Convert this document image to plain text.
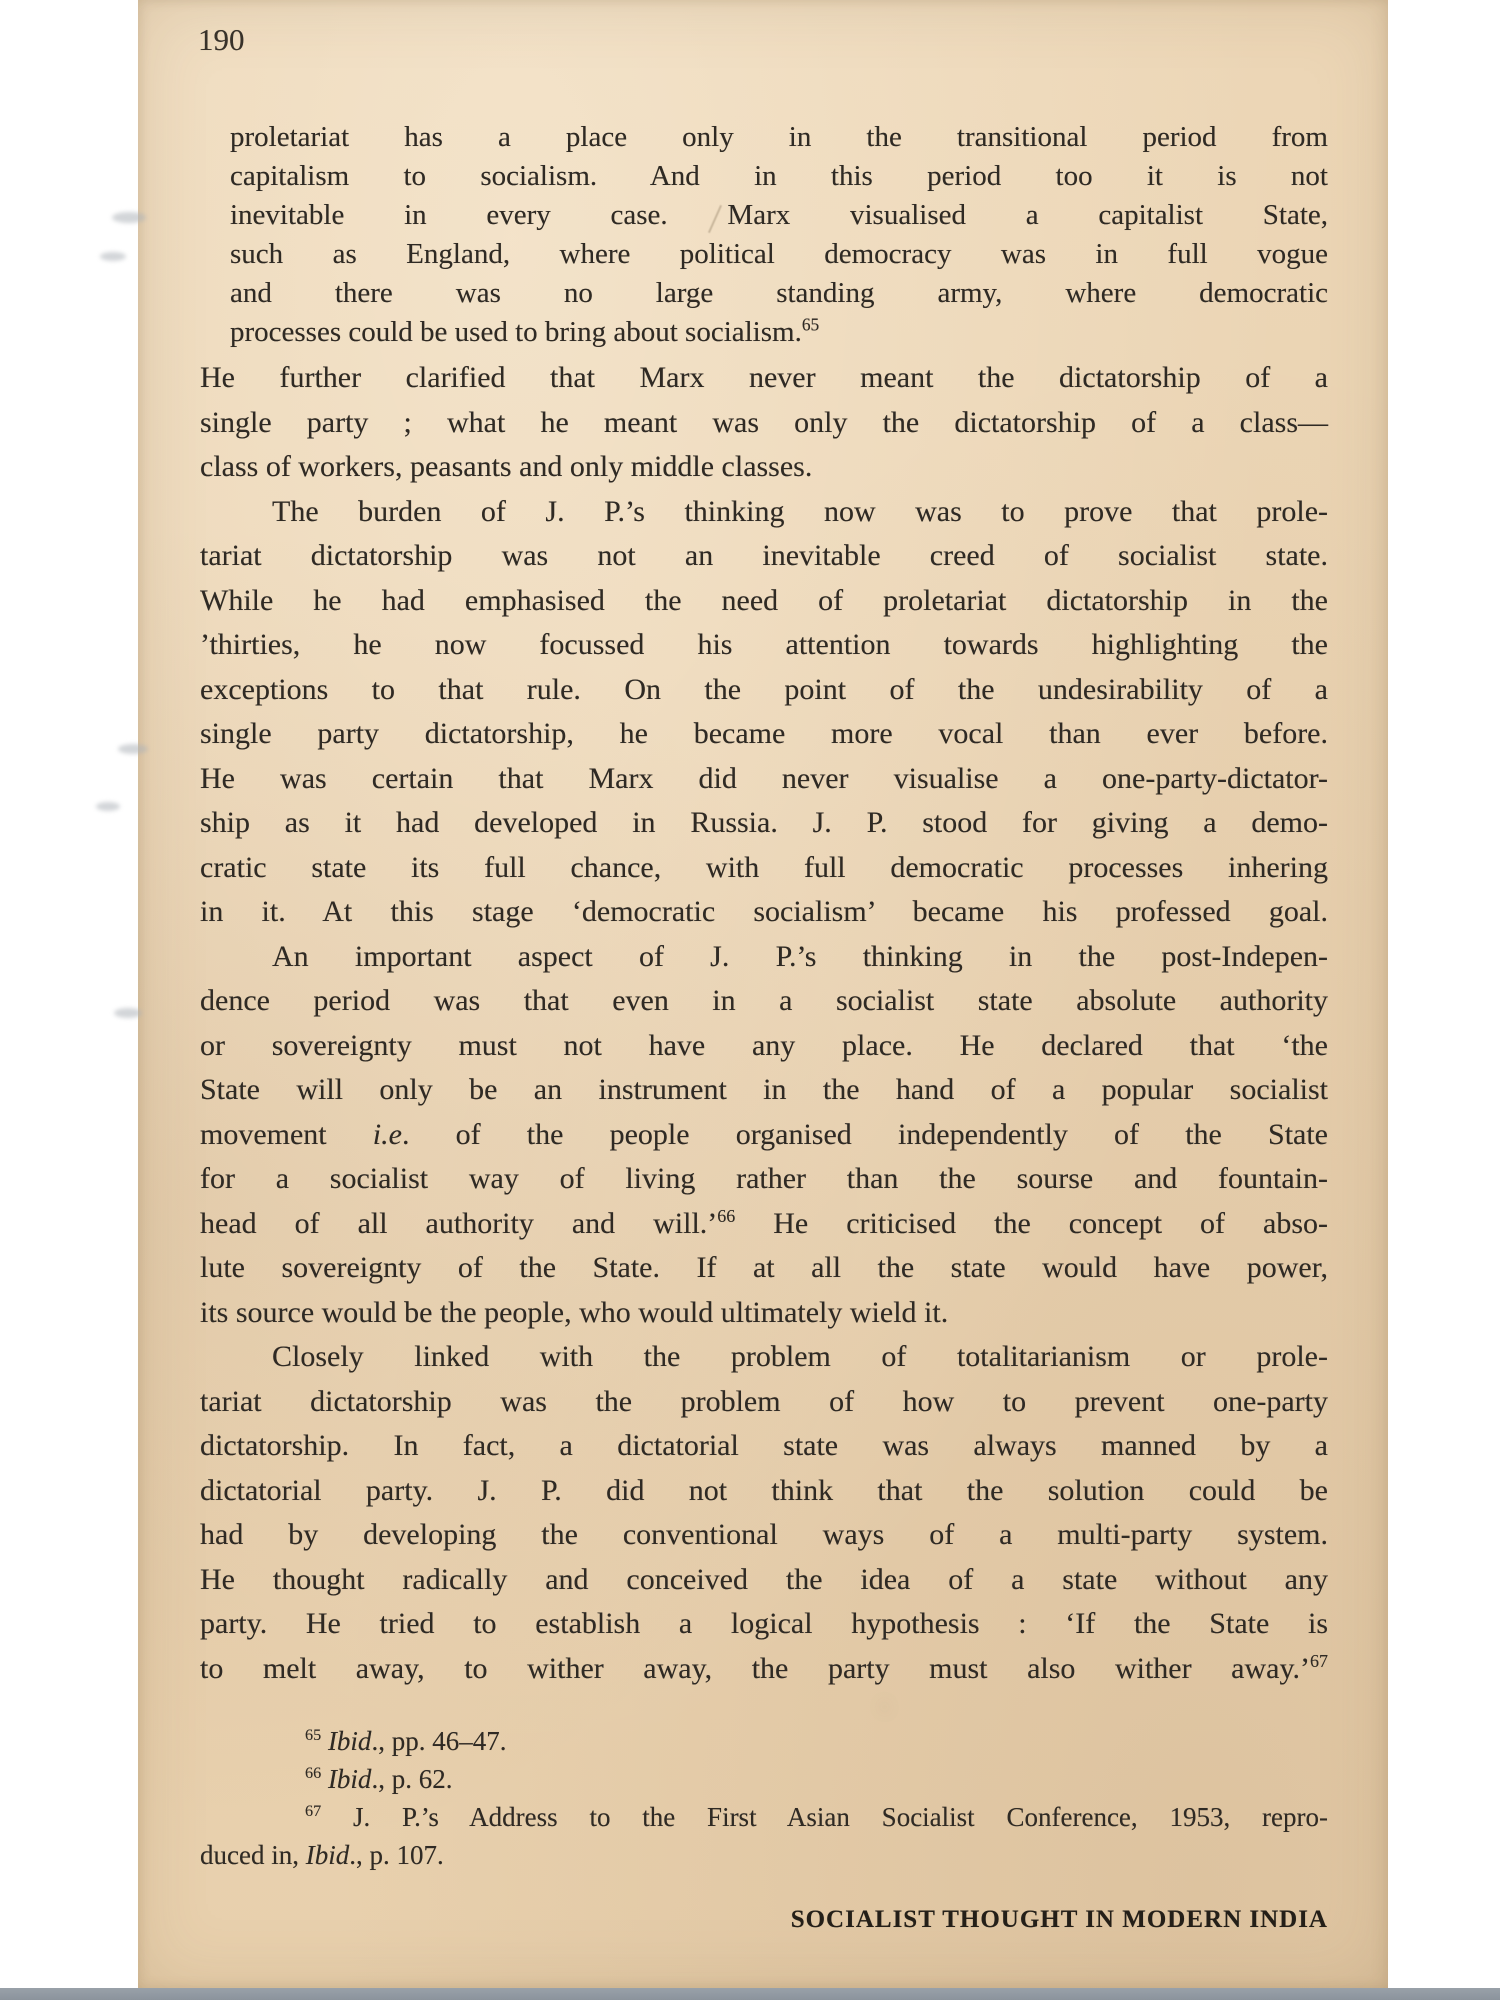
190
proletariat has a place only in the transitional period from
capitalism to socialism. And in this period too it is not
inevitable in every case. Marx visualised a capitalist State,
such as England, where political democracy was in full vogue
and there was no large standing army, where democratic
processes could be used to bring about socialism.$^{65}$
He further clarified that Marx never meant the dictatorship of a
single party ; what he meant was only the dictatorship of a class—
class of workers, peasants and only middle classes.
The burden of J. P.’s thinking now was to prove that prole-
tariat dictatorship was not an inevitable creed of socialist state.
While he had emphasised the need of proletariat dictatorship in the
’thirties, he now focussed his attention towards highlighting the
exceptions to that rule. On the point of the undesirability of a
single party dictatorship, he became more vocal than ever before.
He was certain that Marx did never visualise a one-party-dictator-
ship as it had developed in Russia. J. P. stood for giving a demo-
cratic state its full chance, with full democratic processes inhering
in it. At this stage ‘democratic socialism’ became his professed goal.
An important aspect of J. P.’s thinking in the post-Indepen-
dence period was that even in a socialist state absolute authority
or sovereignty must not have any place. He declared that ‘the
State will only be an instrument in the hand of a popular socialist
movement i.e. of the people organised independently of the State
for a socialist way of living rather than the sourse and fountain-
head of all authority and will.’$^{66}$ He criticised the concept of abso-
lute sovereignty of the State. If at all the state would have power,
its source would be the people, who would ultimately wield it.
Closely linked with the problem of totalitarianism or prole-
tariat dictatorship was the problem of how to prevent one-party
dictatorship. In fact, a dictatorial state was always manned by a
dictatorial party. J. P. did not think that the solution could be
had by developing the conventional ways of a multi-party system.
He thought radically and conceived the idea of a state without any
party. He tried to establish a logical hypothesis : ‘If the State is
to melt away, to wither away, the party must also wither away.’$^{67}$
$^{65}$ Ibid., pp. 46–47.
$^{66}$ Ibid., p. 62.
$^{67}$ J. P.’s Address to the First Asian Socialist Conference, 1953, repro-
duced in, Ibid., p. 107.
SOCIALIST THOUGHT IN MODERN INDIA
x
